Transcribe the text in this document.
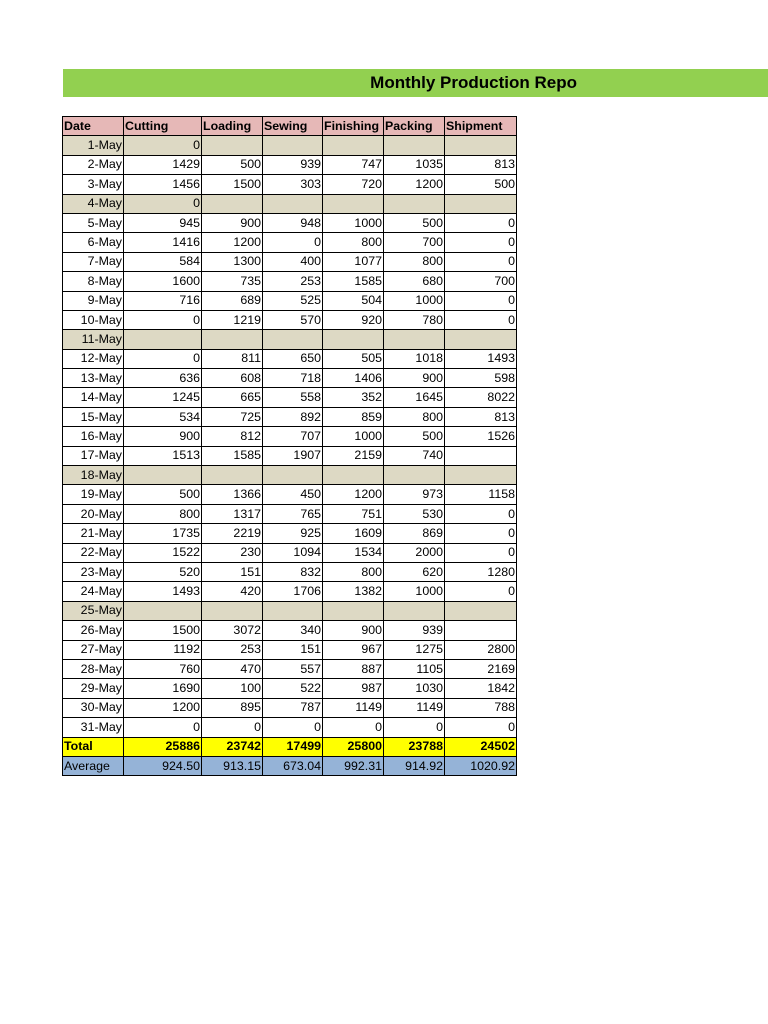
Monthly Production Repo
Date	Cutting	Loading	Sewing	Finishing	Packing	Shipment
1-May	0					
2-May	1429	500	939	747	1035	813
3-May	1456	1500	303	720	1200	500
4-May	0					
5-May	945	900	948	1000	500	0
6-May	1416	1200	0	800	700	0
7-May	584	1300	400	1077	800	0
8-May	1600	735	253	1585	680	700
9-May	716	689	525	504	1000	0
10-May	0	1219	570	920	780	0
11-May						
12-May	0	811	650	505	1018	1493
13-May	636	608	718	1406	900	598
14-May	1245	665	558	352	1645	8022
15-May	534	725	892	859	800	813
16-May	900	812	707	1000	500	1526
17-May	1513	1585	1907	2159	740	
18-May						
19-May	500	1366	450	1200	973	1158
20-May	800	1317	765	751	530	0
21-May	1735	2219	925	1609	869	0
22-May	1522	230	1094	1534	2000	0
23-May	520	151	832	800	620	1280
24-May	1493	420	1706	1382	1000	0
25-May						
26-May	1500	3072	340	900	939	
27-May	1192	253	151	967	1275	2800
28-May	760	470	557	887	1105	2169
29-May	1690	100	522	987	1030	1842
30-May	1200	895	787	1149	1149	788
31-May	0	0	0	0	0	0
Total	25886	23742	17499	25800	23788	24502
Average	924.50	913.15	673.04	992.31	914.92	1020.92
